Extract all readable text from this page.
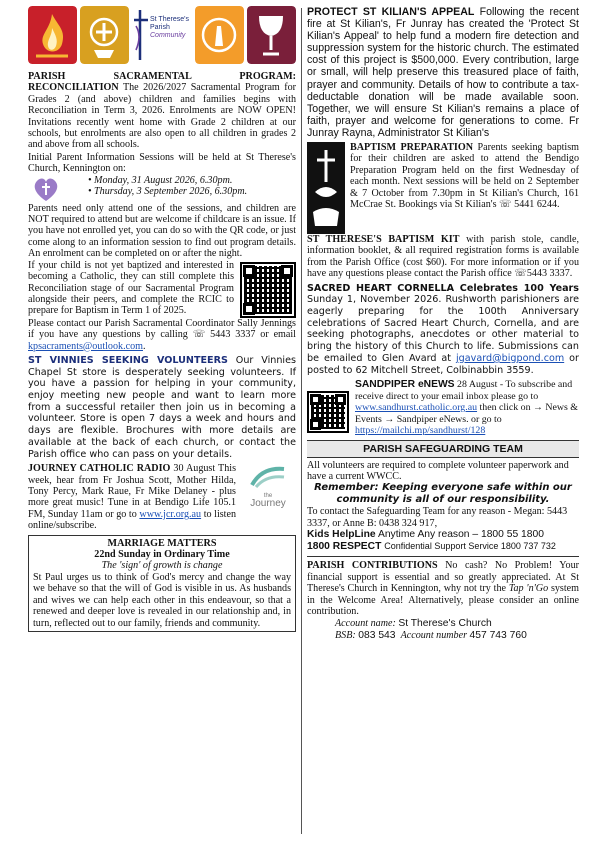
St Therese's
Parish
Community

PARISH SACRAMENTAL PROGRAM: RECONCILIATION The 2026/2027 Sacramental Program for Grades 2 (and above) children and families begins with Reconciliation in Term 3, 2026. Enrolments are NOW OPEN! Invitations recently went home with Grade 2 children at our schools, but enrolments are also open to all children in grades 2 and above from all schools.

Initial Parent Information Sessions will be held at St Therese's Church, Kennington on:

• Monday, 31 August 2026, 6.30pm.
• Thursday, 3 September 2026, 6.30pm.

Parents need only attend one of the sessions, and children are NOT required to attend but are welcome if childcare is an issue. If you have not enrolled yet, you can do so with the QR code, or just come along to an information session to find out program details. An enrolment can be completed on or after the night.

If your child is not yet baptized and interested in becoming a Catholic, they can still complete this Reconciliation stage of our Sacramental Program alongside their peers, and complete the RCIC to prepare for Baptism in Term 1 of 2025.

Please contact our Parish Sacramental Coordinator Sally Jennings if you have any questions by calling ☏ 5443 3337 or email kpsacraments@outlook.com.

ST VINNIES SEEKING VOLUNTEERS Our Vinnies Chapel St store is desperately seeking volunteers. If you have a passion for helping in your community, enjoy meeting new people and want to learn more from a successful retailer then join us in becoming a volunteer. Store is open 7 days a week and hours and days are flexible. Brochures with more details are available at the back of each church, or contact the Parish office who can pass on your details.
the
Journey
JOURNEY CATHOLIC RADIO 30 August This week, hear from Fr Joshua Scott, Mother Hilda, Tony Percy, Mark Raue, Fr Mike Delaney - plus more great music! Tune in at Bendigo Life 105.1 FM, Sunday 11am or go to www.jcr.org.au to listen online/subscribe.
MARRIAGE MATTERS
22nd Sunday in Ordinary Time
The 'sign' of growth is change

St Paul urges us to think of God's mercy and change the way we behave so that the will of God is visible in us. As husbands and wives we can help each other in this endeavour, so that a renewed and deeper love is revealed in our relationship and, in turn, reflected out to our family, friends and community.

PROTECT ST KILIAN'S APPEAL Following the recent fire at St Kilian's, Fr Junray has created the 'Protect St Kilian's Appeal' to help fund a modern fire detection and suppression system for the historic church. The estimated cost of this project is $500,000. Every contribution, large or small, will help preserve this treasured place of faith, prayer and community. Details of how to contribute a tax-deductable donation will be made available soon. Together, we will ensure St Kilian's remains a place of faith, prayer and welcome for generations to come. Fr Junray Rayna, Administrator St Kilian's
BAPTISM PREPARATION Parents seeking baptism for their children are asked to attend the Bendigo Preparation Program held on the first Wednesday of each month. Next sessions will be held on 2 September & 7 October from 7.30pm in St Kilian's Church, 161 McCrae St. Bookings via St Kilian's ☏ 5441 6244.
ST THERESE'S BAPTISM KIT with parish stole, candle, information booklet, & all required registration forms is available from the Parish Office (cost $60). For more information or if you have any questions please contact the Parish office ☏5443 3337.
SACRED HEART CORNELLA Celebrates 100 Years Sunday 1, November 2026. Rushworth parishioners are eagerly preparing for the 100th Anniversary celebrations of Sacred Heart Church, Cornella, and are seeking photographs, anecdotes or other material to bring the history of this Church to life. Submissions can be emailed to Glen Avard at jgavard@bigpond.com or posted to 62 Mitchell Street, Colbinabbin 3559.
SANDPIPER eNEWS 28 August - To subscribe and receive direct to your email inbox please go to www.sandhurst.catholic.org.au then click on → News & Events → Sandpiper eNews. or go to https://mailchi.mp/sandhurst/128
PARISH SAFEGUARDING TEAM

All volunteers are required to complete volunteer paperwork and have a current WWCC.

Remember: Keeping everyone safe within our community is all of our responsibility.

To contact the Safeguarding Team for any reason - Megan: 5443 3337, or Anne B: 0438 324 917,

Kids HelpLine Anytime Any reason – 1800 55 1800

1800 RESPECT Confidential Support Service 1800 737 732

PARISH CONTRIBUTIONS No cash? No Problem! Your financial support is essential and so greatly appreciated. At St Therese's Church in Kennington, why not try the Tap 'n'Go system in the Welcome Area! Alternatively, please consider an online contribution.
Account name: St Therese's Church
BSB: 083 543 Account number 457 743 760
